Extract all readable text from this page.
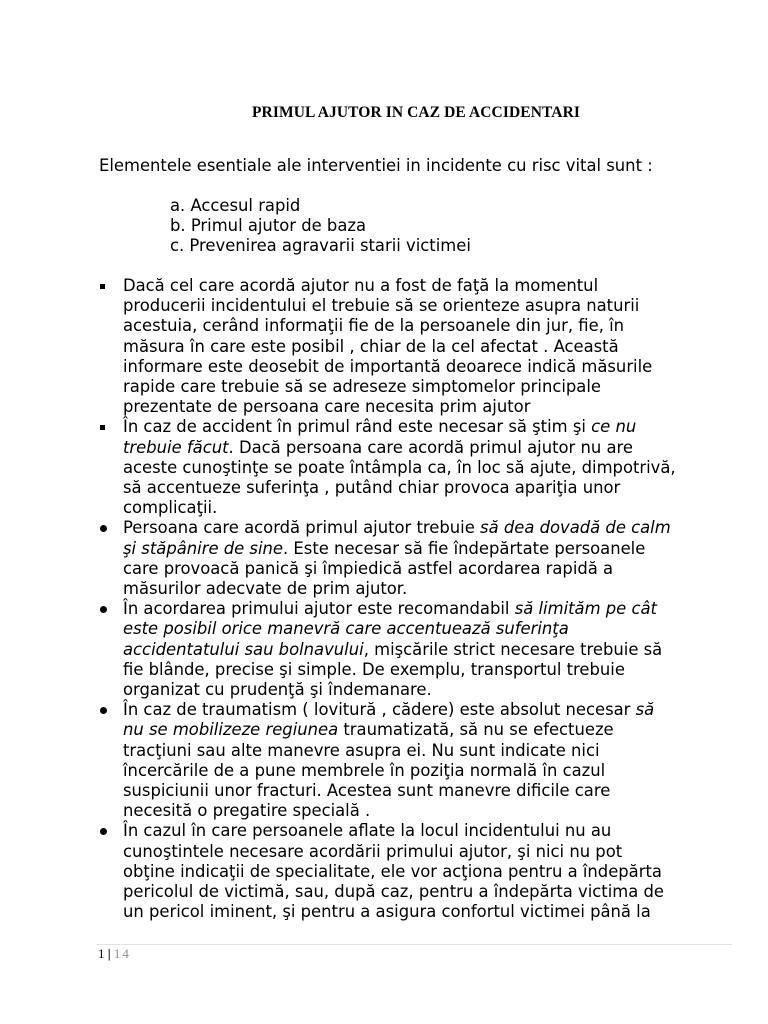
PRIMUL AJUTOR IN CAZ DE ACCIDENTARI
Elementele esentiale ale interventiei in incidente cu risc vital sunt :
a. Accesul rapid
b. Primul ajutor de baza
c. Prevenirea agravarii starii victimei
Dacă cel care acordă ajutor nu a fost de faţă la momentul
producerii incidentului el trebuie să se orienteze asupra naturii
acestuia, cerând informaţii fie de la persoanele din jur, fie, în
măsura în care este posibil , chiar de la cel afectat . Această
informare este deosebit de importantă deoarece indică măsurile
rapide care trebuie să se adreseze simptomelor principale
prezentate de persoana care necesita prim ajutor
În caz de accident în primul rând este necesar să ştim şi ce nu
trebuie făcut. Dacă persoana care acordă primul ajutor nu are
aceste cunoştinţe se poate întâmpla ca, în loc să ajute, dimpotrivă,
să accentueze suferinţa , putând chiar provoca apariţia unor
complicaţii.
Persoana care acordă primul ajutor trebuie să dea dovadă de calm
şi stăpânire de sine. Este necesar să fie îndepărtate persoanele
care provoacă panică şi împiedică astfel acordarea rapidă a
măsurilor adecvate de prim ajutor.
În acordarea primului ajutor este recomandabil să limităm pe cât
este posibil orice manevră care accentuează suferinţa
accidentatului sau bolnavului, mişcările strict necesare trebuie să
fie blânde, precise şi simple. De exemplu, transportul trebuie
organizat cu prudenţă şi îndemanare.
În caz de traumatism ( lovitură , cădere) este absolut necesar să
nu se mobilizeze regiunea traumatizată, să nu se efectueze
tracţiuni sau alte manevre asupra ei. Nu sunt indicate nici
încercările de a pune membrele în poziţia normală în cazul
suspiciunii unor fracturi. Acestea sunt manevre dificile care
necesită o pregatire specială .
În cazul în care persoanele aflate la locul incidentului nu au
cunoştintele necesare acordării primului ajutor, şi nici nu pot
obţine indicaţii de specialitate, ele vor acţiona pentru a îndepărta
pericolul de victimă, sau, după caz, pentru a îndepărta victima de
un pericol iminent, şi pentru a asigura confortul victimei până la
1 | 14
